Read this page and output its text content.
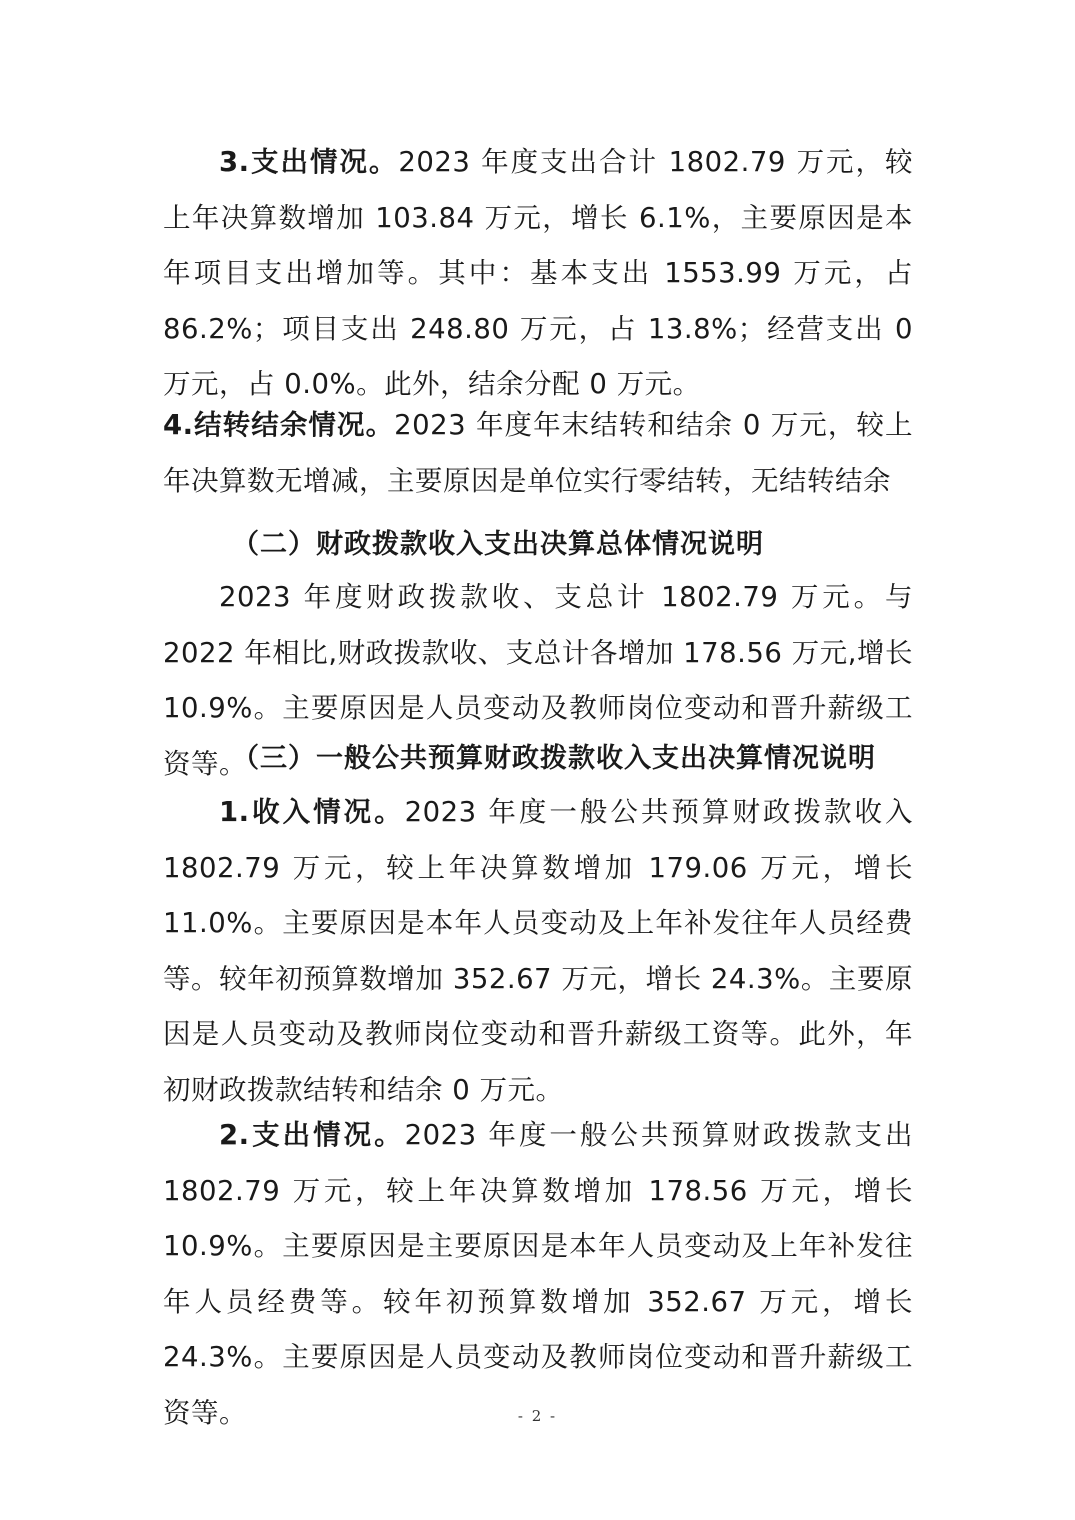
3.支出情况。2023 年度支出合计 1802.79 万元，较上年决算数增加 103.84 万元，增长 6.1%，主要原因是本年项目支出增加等。其中：基本支出 1553.99 万元，占 86.2%；项目支出 248.80 万元，占 13.8%；经营支出 0 万元，占 0.0%。此外，结余分配 0 万元。

4.结转结余情况。2023 年度年末结转和结余 0 万元，较上年决算数无增减，主要原因是单位实行零结转，无结转结余

（二）财政拨款收入支出决算总体情况说明

2023 年度财政拨款收、支总计 1802.79 万元。与 2022 年相比,财政拨款收、支总计各增加 178.56 万元,增长 10.9%。主要原因是人员变动及教师岗位变动和晋升薪级工资等。

（三）一般公共预算财政拨款收入支出决算情况说明

1.收入情况。2023 年度一般公共预算财政拨款收入 1802.79 万元，较上年决算数增加 179.06 万元，增长 11.0%。主要原因是本年人员变动及上年补发往年人员经费等。较年初预算数增加 352.67 万元，增长 24.3%。主要原因是人员变动及教师岗位变动和晋升薪级工资等。此外，年初财政拨款结转和结余 0 万元。

2.支出情况。2023 年度一般公共预算财政拨款支出 1802.79 万元，较上年决算数增加 178.56 万元，增长 10.9%。主要原因是主要原因是本年人员变动及上年补发往年人员经费等。较年初预算数增加 352.67 万元，增长 24.3%。主要原因是人员变动及教师岗位变动和晋升薪级工资等。	- 2 -
